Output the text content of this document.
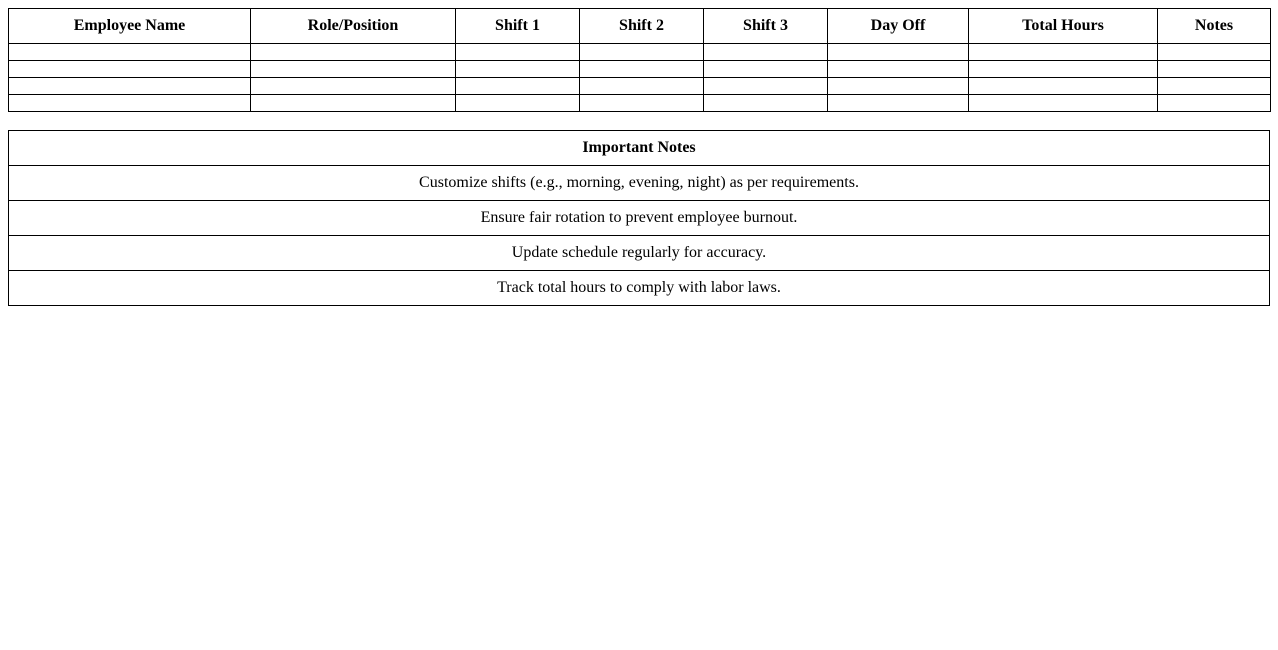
Employee Name	Role/Position	Shift 1	Shift 2	Shift 3	Day Off	Total Hours	Notes

Important Notes
Customize shifts (e.g., morning, evening, night) as per requirements.
Ensure fair rotation to prevent employee burnout.
Update schedule regularly for accuracy.
Track total hours to comply with labor laws.
